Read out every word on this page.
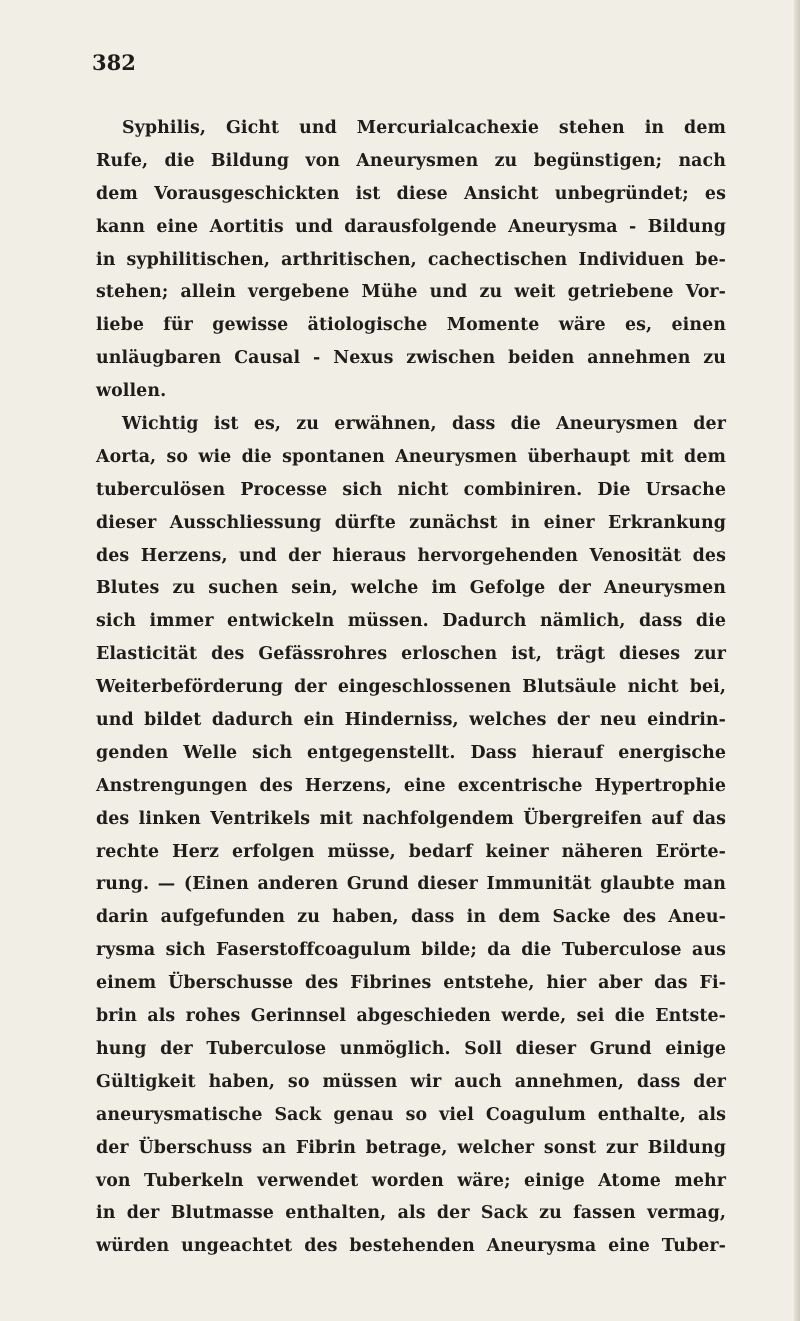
382
Syphilis, Gicht und Mercurialcachexie stehen in dem
Rufe, die Bildung von Aneurysmen zu begünstigen; nach
dem Vorausgeschickten ist diese Ansicht unbegründet; es
kann eine Aortitis und darausfolgende Aneurysma - Bildung
in syphilitischen, arthritischen, cachectischen Individuen be-
stehen; allein vergebene Mühe und zu weit getriebene Vor-
liebe für gewisse ätiologische Momente wäre es, einen
unläugbaren Causal - Nexus zwischen beiden annehmen zu
wollen.
Wichtig ist es, zu erwähnen, dass die Aneurysmen der
Aorta, so wie die spontanen Aneurysmen überhaupt mit dem
tuberculösen Processe sich nicht combiniren. Die Ursache
dieser Ausschliessung dürfte zunächst in einer Erkrankung
des Herzens, und der hieraus hervorgehenden Venosität des
Blutes zu suchen sein, welche im Gefolge der Aneurysmen
sich immer entwickeln müssen. Dadurch nämlich, dass die
Elasticität des Gefässrohres erloschen ist, trägt dieses zur
Weiterbeförderung der eingeschlossenen Blutsäule nicht bei,
und bildet dadurch ein Hinderniss, welches der neu eindrin-
genden Welle sich entgegenstellt. Dass hierauf energische
Anstrengungen des Herzens, eine excentrische Hypertrophie
des linken Ventrikels mit nachfolgendem Übergreifen auf das
rechte Herz erfolgen müsse, bedarf keiner näheren Erörte-
rung. — (Einen anderen Grund dieser Immunität glaubte man
darin aufgefunden zu haben, dass in dem Sacke des Aneu-
rysma sich Faserstoffcoagulum bilde; da die Tuberculose aus
einem Überschusse des Fibrines entstehe, hier aber das Fi-
brin als rohes Gerinnsel abgeschieden werde, sei die Entste-
hung der Tuberculose unmöglich. Soll dieser Grund einige
Gültigkeit haben, so müssen wir auch annehmen, dass der
aneurysmatische Sack genau so viel Coagulum enthalte, als
der Überschuss an Fibrin betrage, welcher sonst zur Bildung
von Tuberkeln verwendet worden wäre; einige Atome mehr
in der Blutmasse enthalten, als der Sack zu fassen vermag,
würden ungeachtet des bestehenden Aneurysma eine Tuber-
